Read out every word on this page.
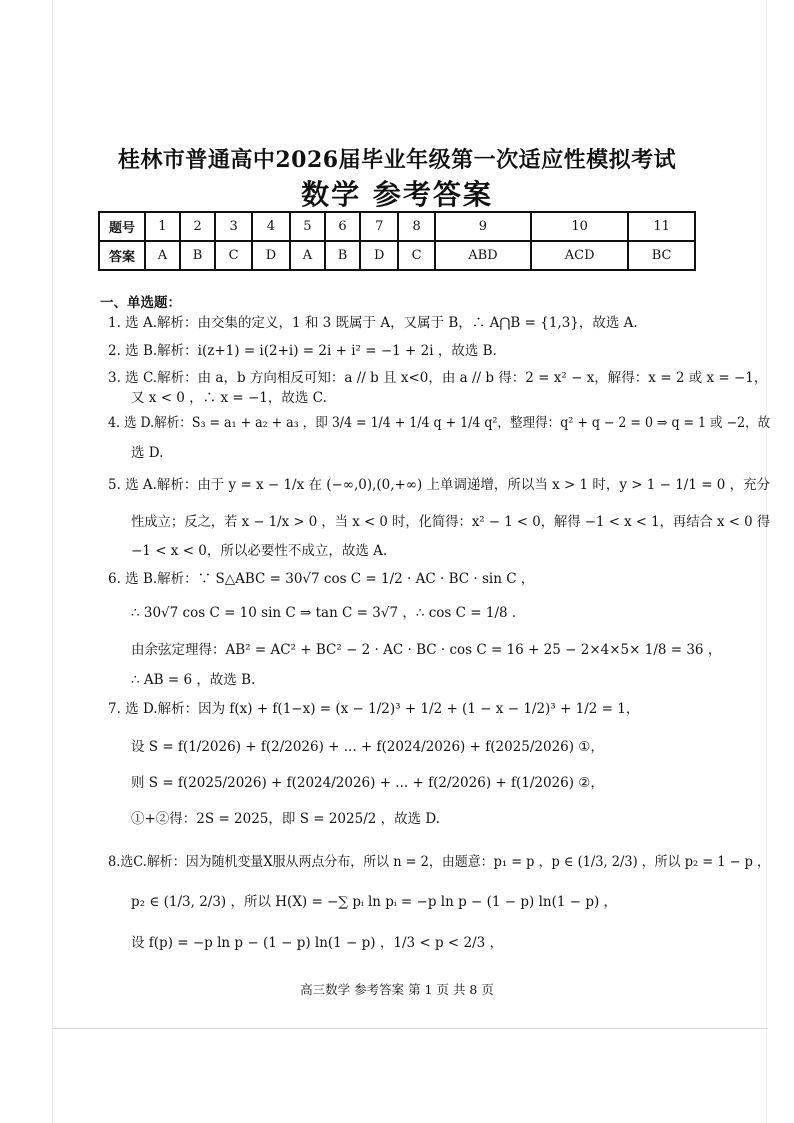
桂林市普通高中2026届毕业年级第一次适应性模拟考试
数学 参考答案
题号	1	2	3	4	5	6	7	8	9	10	11
答案	A	B	C	D	A	B	D	C	ABD	ACD	BC
一、单选题：
1. 选 A.解析：由交集的定义，1 和 3 既属于 A，又属于 B，∴ A⋂B = {1,3}，故选 A.
2. 选 B.解析：i(z+1) = i(2+i) = 2i + i² = −1 + 2i ，故选 B.
3. 选 C.解析：由 a，b 方向相反可知：a // b 且 x<0，由 a // b 得：2 = x² − x，解得：x = 2 或 x = −1，
又 x < 0 ，∴ x = −1，故选 C.
4. 选 D.解析：S₃ = a₁ + a₂ + a₃ ，即 3/4 = 1/4 + 1/4 q + 1/4 q²，整理得：q² + q − 2 = 0 ⇒ q = 1 或 −2，故
选 D.
5. 选 A.解析：由于 y = x − 1/x 在 (−∞,0),(0,+∞) 上单调递增，所以当 x > 1 时，y > 1 − 1/1 = 0 ，充分
性成立；反之，若 x − 1/x > 0 ，当 x < 0 时，化简得：x² − 1 < 0，解得 −1 < x < 1，再结合 x < 0 得
−1 < x < 0，所以必要性不成立，故选 A.
6. 选 B.解析：∵ S△ABC = 30√7 cos C = 1/2 · AC · BC · sin C ，
∴ 30√7 cos C = 10 sin C ⇒ tan C = 3√7 ，∴ cos C = 1/8 .
由余弦定理得：AB² = AC² + BC² − 2 · AC · BC · cos C = 16 + 25 − 2×4×5× 1/8 = 36 ，
∴ AB = 6 ，故选 B.
7. 选 D.解析：因为 f(x) + f(1−x) = (x − 1/2)³ + 1/2 + (1 − x − 1/2)³ + 1/2 = 1，
设 S = f(1/2026) + f(2/2026) + ... + f(2024/2026) + f(2025/2026) ①，
则 S = f(2025/2026) + f(2024/2026) + ... + f(2/2026) + f(1/2026) ②，
①+②得：2S = 2025，即 S = 2025/2 ，故选 D.
8.选C.解析：因为随机变量X服从两点分布，所以 n = 2，由题意：p₁ = p ，p ∈ (1/3, 2/3) ，所以 p₂ = 1 − p ，
p₂ ∈ (1/3, 2/3) ，所以 H(X) = −∑ pᵢ ln pᵢ = −p ln p − (1 − p) ln(1 − p) ，
设 f(p) = −p ln p − (1 − p) ln(1 − p) ，1/3 < p < 2/3 ，
高三数学 参考答案 第 1 页 共 8 页
